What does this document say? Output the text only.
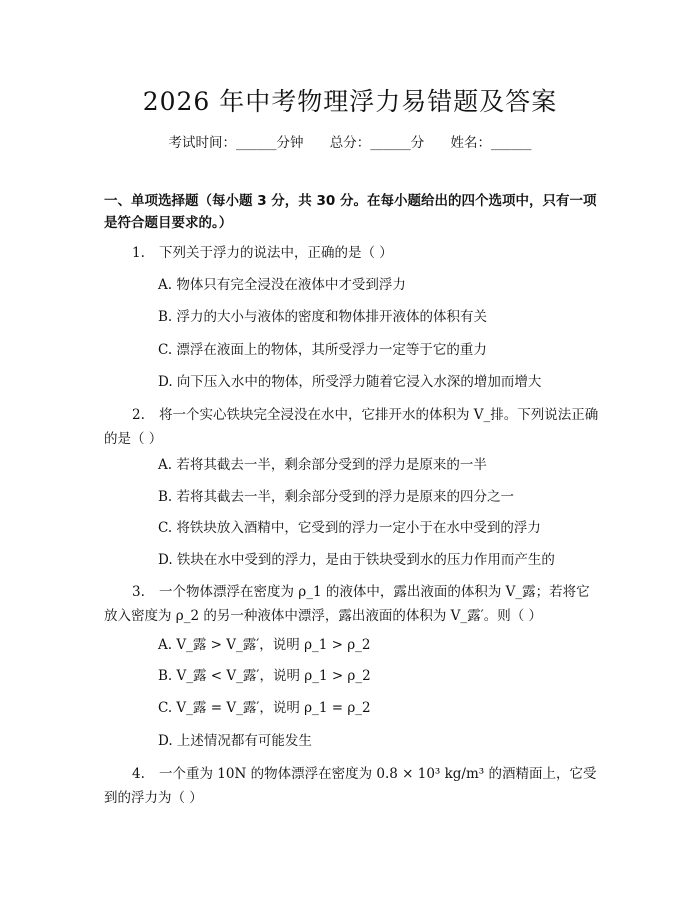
2026 年中考物理浮力易错题及答案
考试时间：______分钟 总分：______分 姓名：______
一、单项选择题（每小题 3 分，共 30 分。在每小题给出的四个选项中，只有一项是符合题目要求的。）
1. 下列关于浮力的说法中，正确的是（ ）
A. 物体只有完全浸没在液体中才受到浮力
B. 浮力的大小与液体的密度和物体排开液体的体积有关
C. 漂浮在液面上的物体，其所受浮力一定等于它的重力
D. 向下压入水中的物体，所受浮力随着它浸入水深的增加而增大
2. 将一个实心铁块完全浸没在水中，它排开水的体积为 V_排。下列说法正确的是（ ）
A. 若将其截去一半，剩余部分受到的浮力是原来的一半
B. 若将其截去一半，剩余部分受到的浮力是原来的四分之一
C. 将铁块放入酒精中，它受到的浮力一定小于在水中受到的浮力
D. 铁块在水中受到的浮力，是由于铁块受到水的压力作用而产生的
3. 一个物体漂浮在密度为 ρ_1 的液体中，露出液面的体积为 V_露；若将它放入密度为 ρ_2 的另一种液体中漂浮，露出液面的体积为 V_露′。则（ ）
A. V_露 > V_露′，说明 ρ_1 > ρ_2
B. V_露 < V_露′，说明 ρ_1 > ρ_2
C. V_露 = V_露′，说明 ρ_1 = ρ_2
D. 上述情况都有可能发生
4. 一个重为 10N 的物体漂浮在密度为 0.8 × 10³ kg/m³ 的酒精面上，它受到的浮力为（ ）
